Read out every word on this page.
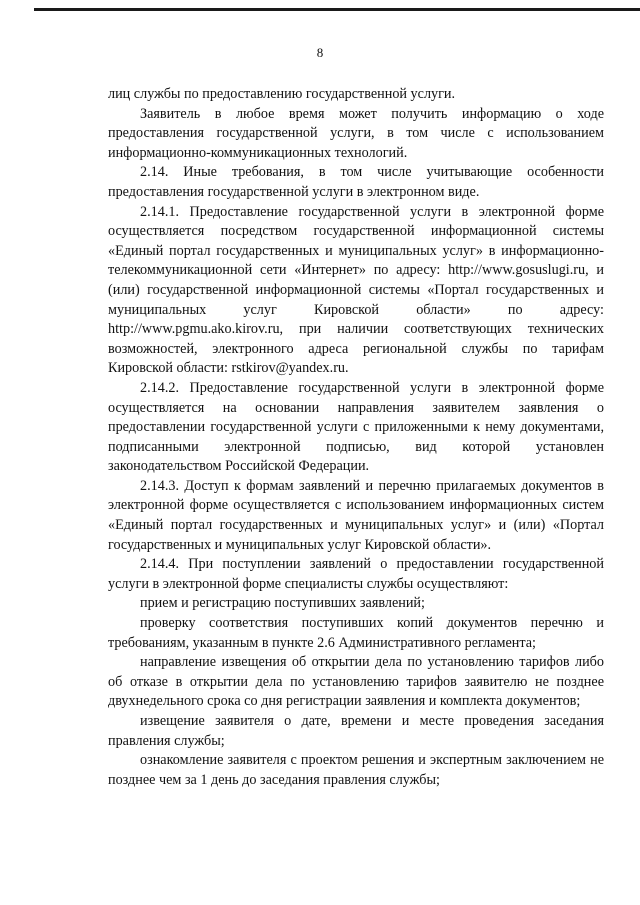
8

лиц службы по предоставлению государственной услуги.

Заявитель в любое время может получить информацию о ходе предоставления государственной услуги, в том числе с использованием информационно-коммуникационных технологий.

2.14. Иные требования, в том числе учитывающие особенности предоставления государственной услуги в электронном виде.

2.14.1. Предоставление государственной услуги в электронной форме осуществляется посредством государственной информационной системы «Единый портал государственных и муниципальных услуг» в информационно-телекоммуникационной сети «Интернет» по адресу: http://www.gosuslugi.ru, и (или) государственной информационной системы «Портал государственных и муниципальных услуг Кировской области» по адресу: http://www.pgmu.ako.kirov.ru, при наличии соответствующих технических возможностей, электронного адреса региональной службы по тарифам Кировской области: rstkirov@yandex.ru.

2.14.2. Предоставление государственной услуги в электронной форме осуществляется на основании направления заявителем заявления о предоставлении государственной услуги с приложенными к нему документами, подписанными электронной подписью, вид которой установлен законодательством Российской Федерации.

2.14.3. Доступ к формам заявлений и перечню прилагаемых документов в электронной форме осуществляется с использованием информационных систем «Единый портал государственных и муниципальных услуг» и (или) «Портал государственных и муниципальных услуг Кировской области».

2.14.4. При поступлении заявлений о предоставлении государственной услуги в электронной форме специалисты службы осуществляют:

прием и регистрацию поступивших заявлений;

проверку соответствия поступивших копий документов перечню и требованиям, указанным в пункте 2.6 Административного регламента;

направление извещения об открытии дела по установлению тарифов либо об отказе в открытии дела по установлению тарифов заявителю не позднее двухнедельного срока со дня регистрации заявления и комплекта документов;

извещение заявителя о дате, времени и месте проведения заседания правления службы;

ознакомление заявителя с проектом решения и экспертным заключением не позднее чем за 1 день до заседания правления службы;
